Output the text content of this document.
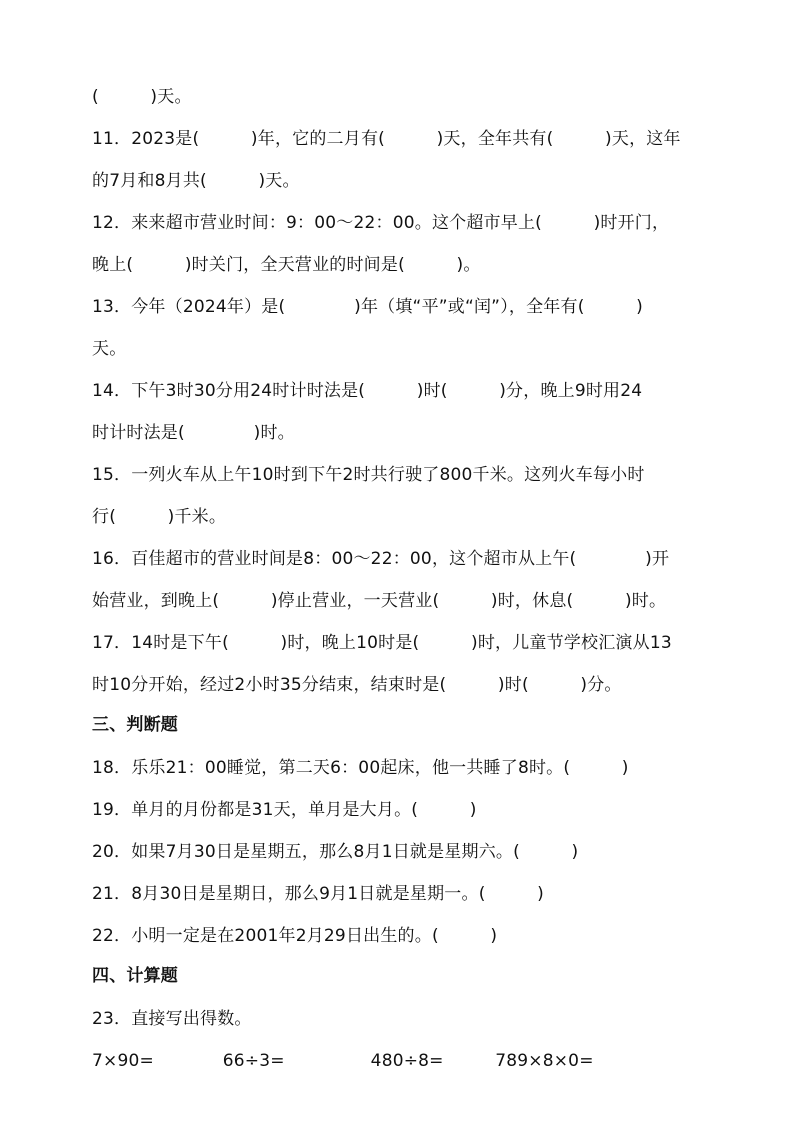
(　　　)天。
11．2023是(　　　)年，它的二月有(　　　)天，全年共有(　　　)天，这年
的7月和8月共(　　　)天。
12．来来超市营业时间：9：00～22：00。这个超市早上(　　　)时开门，
晚上(　　　)时关门，全天营业的时间是(　　　)。
13．今年（2024年）是(　　　　)年（填“平”或“闰”），全年有(　　　)
天。
14．下午3时30分用24时计时法是(　　　)时(　　　)分，晚上9时用24
时计时法是(　　　　)时。
15．一列火车从上午10时到下午2时共行驶了800千米。这列火车每小时
行(　　　)千米。
16．百佳超市的营业时间是8：00～22：00，这个超市从上午(　　　　)开
始营业，到晚上(　　　)停止营业，一天营业(　　　)时，休息(　　　)时。
17．14时是下午(　　　)时，晚上10时是(　　　)时，儿童节学校汇演从13
时10分开始，经过2小时35分结束，结束时是(　　　)时(　　　)分。
三、判断题
18．乐乐21：00睡觉，第二天6：00起床，他一共睡了8时。(　　　)
19．单月的月份都是31天，单月是大月。(　　　)
20．如果7月30日是星期五，那么8月1日就是星期六。(　　　)
21．8月30日是星期日，那么9月1日就是星期一。(　　　)
22．小明一定是在2001年2月29日出生的。(　　　)
四、计算题
23．直接写出得数。
7×90=　　　　66÷3=　　　　　480÷8=　　　789×8×0=
